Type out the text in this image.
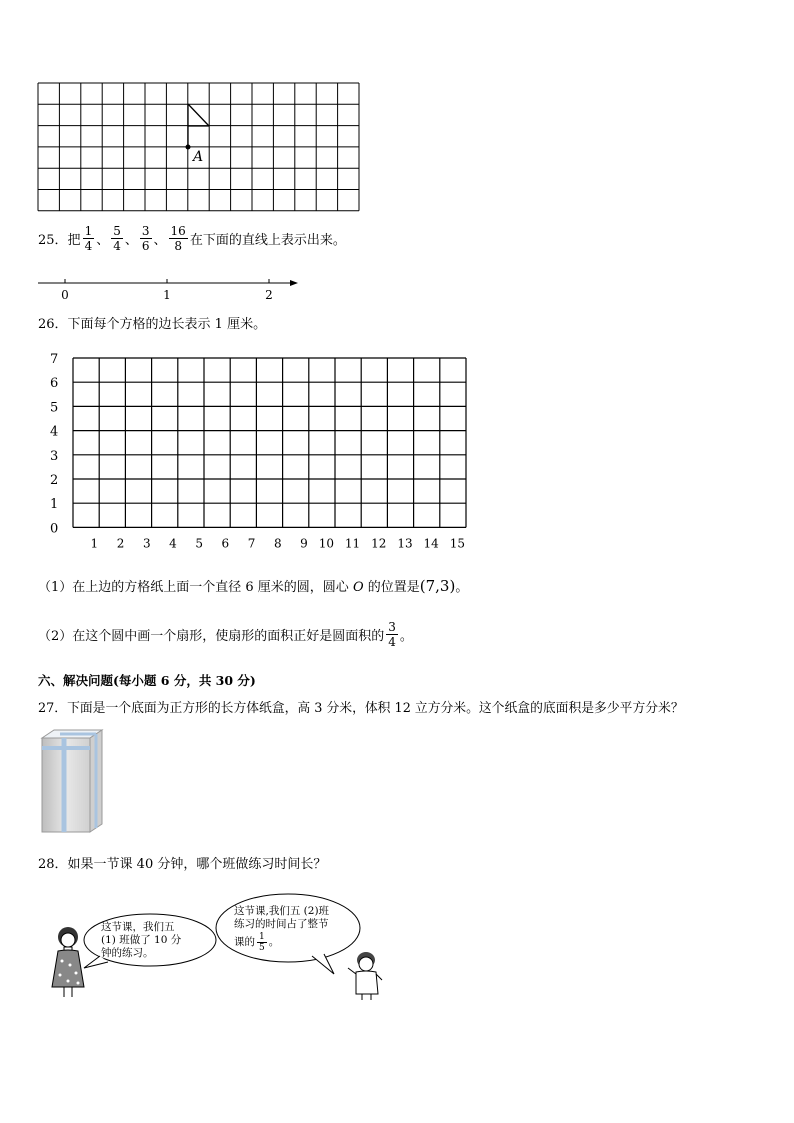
A
25． 把 $\frac{1}{4}$ 、 $\frac{5}{4}$ 、 $\frac{3}{6}$ 、 $\frac{16}{8}$ 在下面的直线上表示出来。
0	1	2
26．下面每个方格的边长表示 1 厘米。
7
6
5
4
3
2
1
0
1 2 3 4 5 6 7 8 9 10 11 12 13 14 15
（1）在上边的方格纸上面一个直径 6 厘米的圆，圆心 O 的位置是(7,3)。
（2）在这个圆中画一个扇形，使扇形的面积正好是圆面积的 $\frac{3}{4}$ 。
六、解决问题(每小题 6 分，共 30 分)
27．下面是一个底面为正方形的长方体纸盒，高 3 分米，体积 12 立方分米。这个纸盒的底面积是多少平方分米？
28．如果一节课 40 分钟，哪个班做练习时间长？
这节课，我们五
(1) 班做了 10 分
钟的练习。
这节课,我们五 (2)班
练习的时间占了整节
课的 $\frac{1}{5}$ 。
